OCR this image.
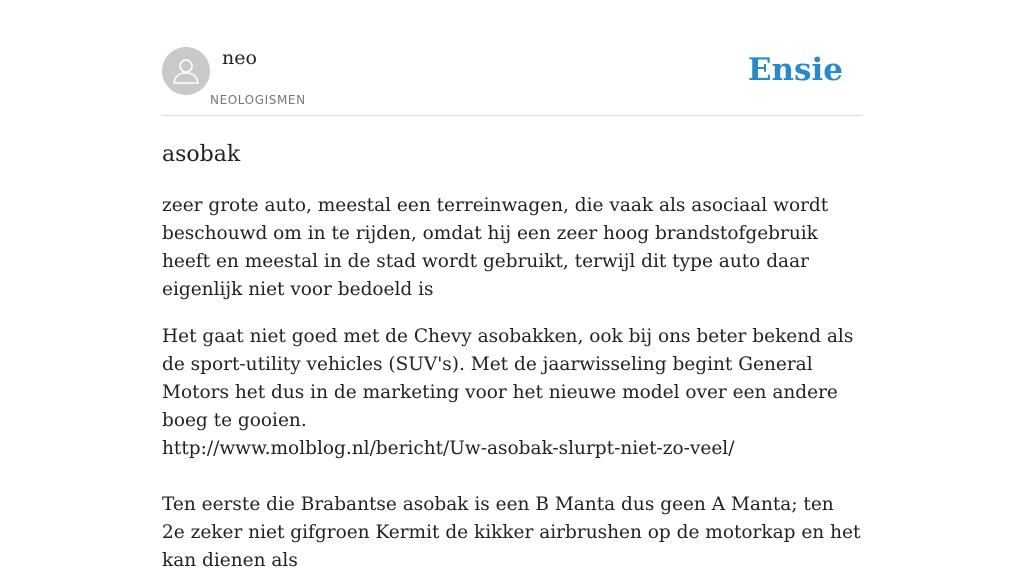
neo
NEOLOGISMEN
Ensie
asobak

zeer grote auto, meestal een terreinwagen, die vaak als asociaal wordt beschouwd om in te rijden, omdat hij een zeer hoog brandstofgebruik heeft en meestal in de stad wordt gebruikt, terwijl dit type auto daar eigenlijk niet voor bedoeld is

Het gaat niet goed met de Chevy asobakken, ook bij ons beter bekend als de sport-utility vehicles (SUV's). Met de jaarwisseling begint General Motors het dus in de marketing voor het nieuwe model over een andere boeg te gooien.
http://www.molblog.nl/bericht/Uw-asobak-slurpt-niet-zo-veel/

Ten eerste die Brabantse asobak is een B Manta dus geen A Manta; ten 2e zeker niet gifgroen Kermit de kikker airbrushen op de motorkap en het kan dienen als
